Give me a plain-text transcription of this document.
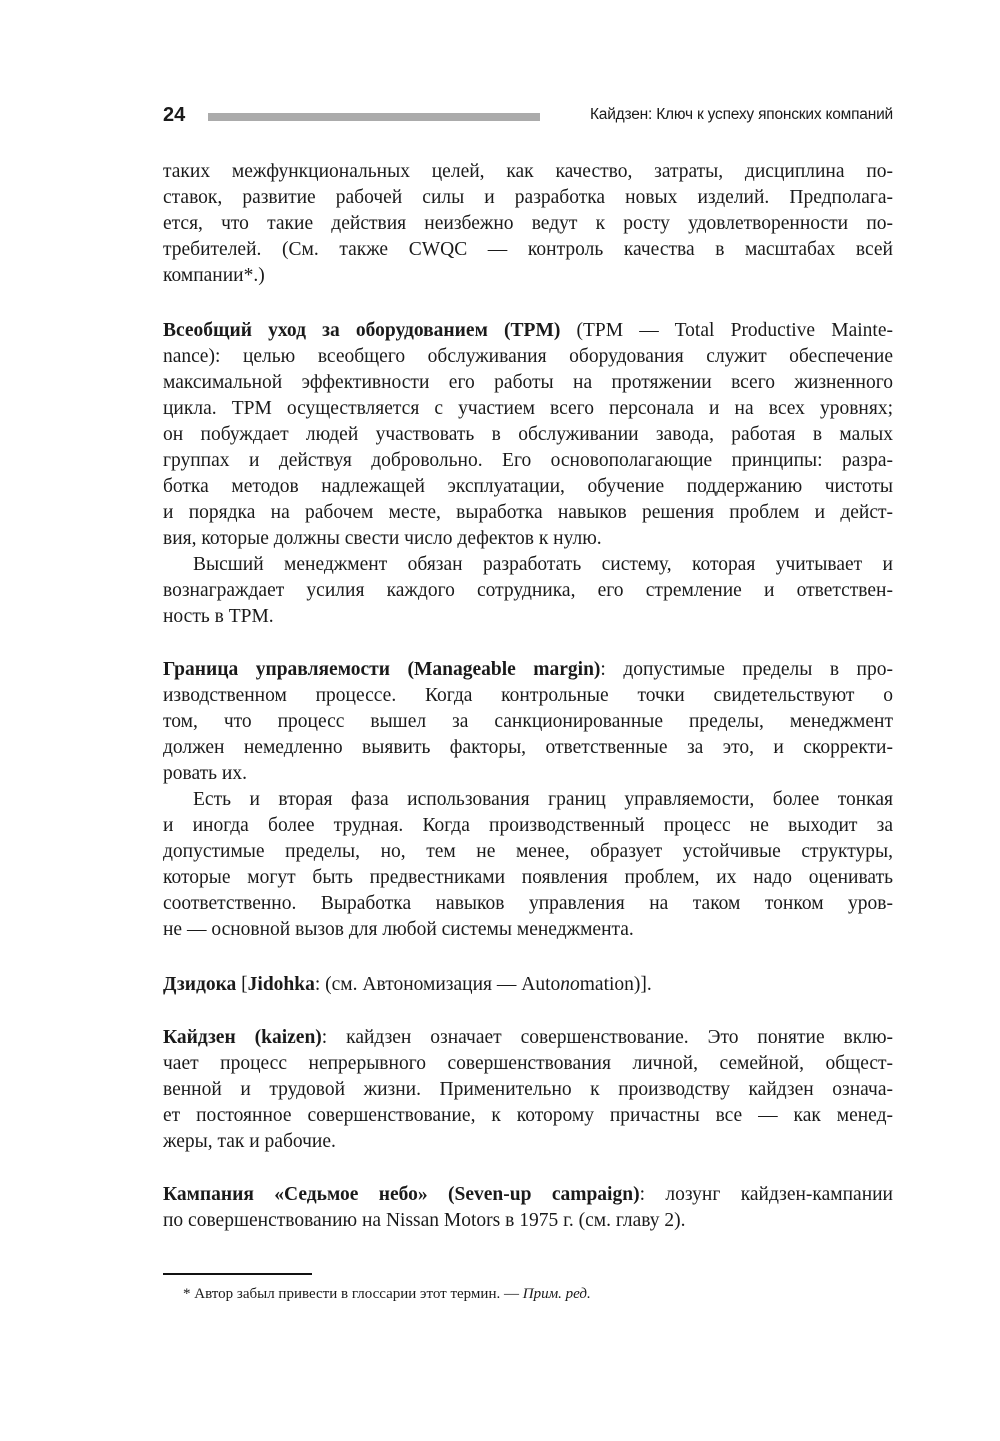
24	Кайдзен: Ключ к успеху японских компаний
таких межфункциональных целей, как качество, затраты, дисциплина по-
ставок, развитие рабочей силы и разработка новых изделий. Предполага-
ется, что такие действия неизбежно ведут к росту удовлетворенности по-
требителей. (См. также CWQC — контроль качества в масштабах всей
компании*.)
Всеобщий уход за оборудованием (TPM) (TPM — Total Productive Mainte-
nance): целью всеобщего обслуживания оборудования служит обеспечение
максимальной эффективности его работы на протяжении всего жизненного
цикла. TPM осуществляется с участием всего персонала и на всех уровнях;
он побуждает людей участвовать в обслуживании завода, работая в малых
группах и действуя добровольно. Его основополагающие принципы: разра-
ботка методов надлежащей эксплуатации, обучение поддержанию чистоты
и порядка на рабочем месте, выработка навыков решения проблем и дейст-
вия, которые должны свести число дефектов к нулю.
Высший менеджмент обязан разработать систему, которая учитывает и
вознаграждает усилия каждого сотрудника, его стремление и ответствен-
ность в TPM.
Граница управляемости (Manageable margin): допустимые пределы в про-
изводственном процессе. Когда контрольные точки свидетельствуют о
том, что процесс вышел за санкционированные пределы, менеджмент
должен немедленно выявить факторы, ответственные за это, и скорректи-
ровать их.
Есть и вторая фаза использования границ управляемости, более тонкая
и иногда более трудная. Когда производственный процесс не выходит за
допустимые пределы, но, тем не менее, образует устойчивые структуры,
которые могут быть предвестниками появления проблем, их надо оценивать
соответственно. Выработка навыков управления на таком тонком уров-
не — основной вызов для любой системы менеджмента.
Дзидока [Jidohka: (см. Автономизация — Autonomation)].
Кайдзен (kaizen): кайдзен означает совершенствование. Это понятие вклю-
чает процесс непрерывного совершенствования личной, семейной, общест-
венной и трудовой жизни. Применительно к производству кайдзен означа-
ет постоянное совершенствование, к которому причастны все — как менед-
жеры, так и рабочие.
Кампания «Седьмое небо» (Seven-up campaign): лозунг кайдзен-кампании
по совершенствованию на Nissan Motors в 1975 г. (см. главу 2).
* Автор забыл привести в глоссарии этот термин. — Прим. ред.
